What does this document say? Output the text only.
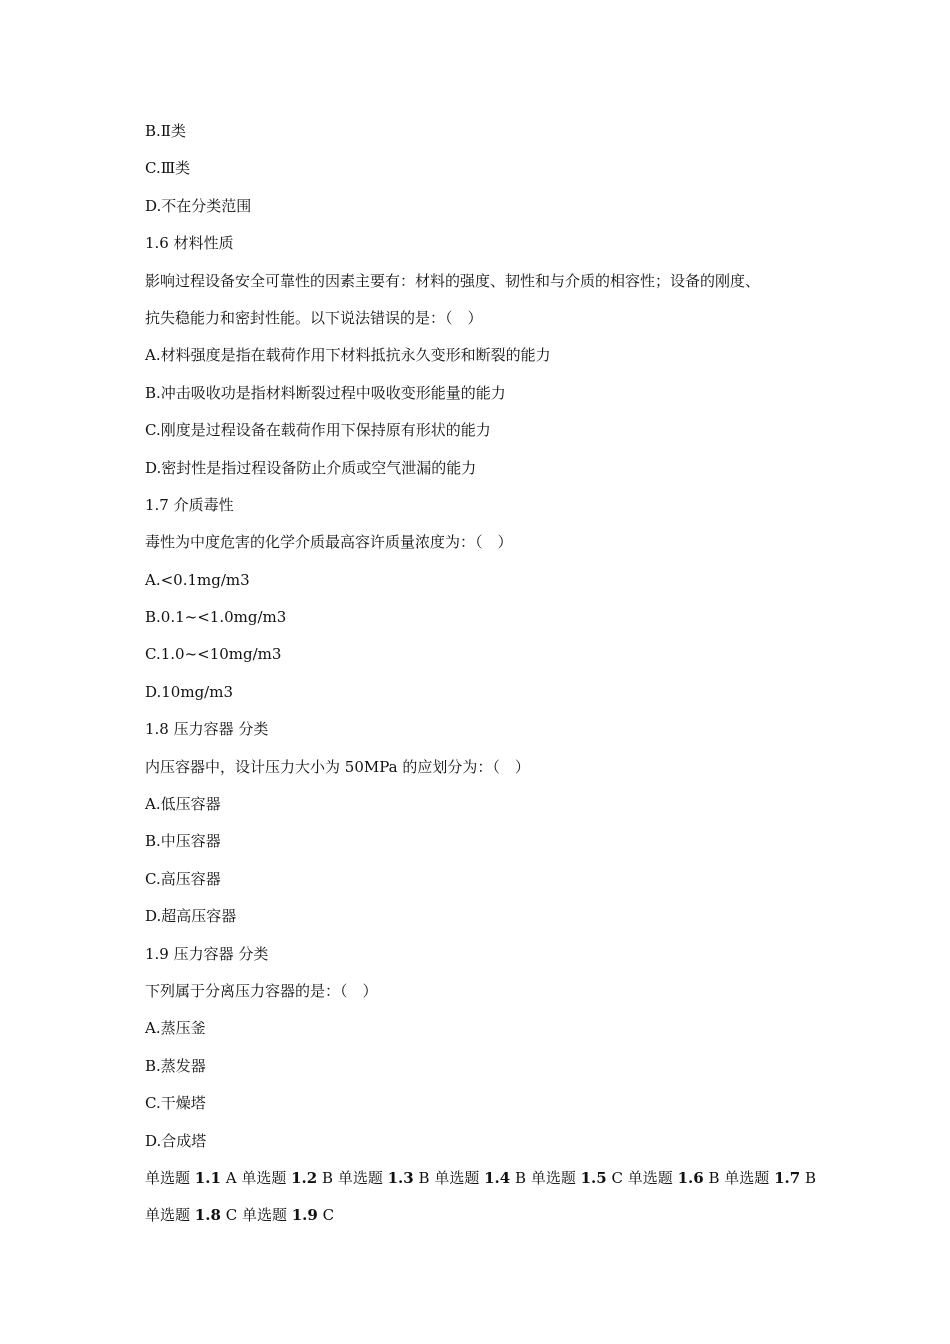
B.Ⅱ类
C.Ⅲ类
D.不在分类范围
1.6 材料性质
影响过程设备安全可靠性的因素主要有：材料的强度、韧性和与介质的相容性；设备的刚度、
抗失稳能力和密封性能。以下说法错误的是：（　）
A.材料强度是指在载荷作用下材料抵抗永久变形和断裂的能力
B.冲击吸收功是指材料断裂过程中吸收变形能量的能力
C.刚度是过程设备在载荷作用下保持原有形状的能力
D.密封性是指过程设备防止介质或空气泄漏的能力
1.7 介质毒性
毒性为中度危害的化学介质最高容许质量浓度为：（　）
A.<0.1mg/m3
B.0.1~<1.0mg/m3
C.1.0~<10mg/m3
D.10mg/m3
1.8 压力容器 分类
内压容器中，设计压力大小为 50MPa 的应划分为：（　）
A.低压容器
B.中压容器
C.高压容器
D.超高压容器
1.9 压力容器 分类
下列属于分离压力容器的是：（　）
A.蒸压釜
B.蒸发器
C.干燥塔
D.合成塔
单选题 1.1 A 单选题 1.2 B 单选题 1.3 B 单选题 1.4 B 单选题 1.5 C 单选题 1.6 B 单选题 1.7 B
单选题 1.8 C 单选题 1.9 C
